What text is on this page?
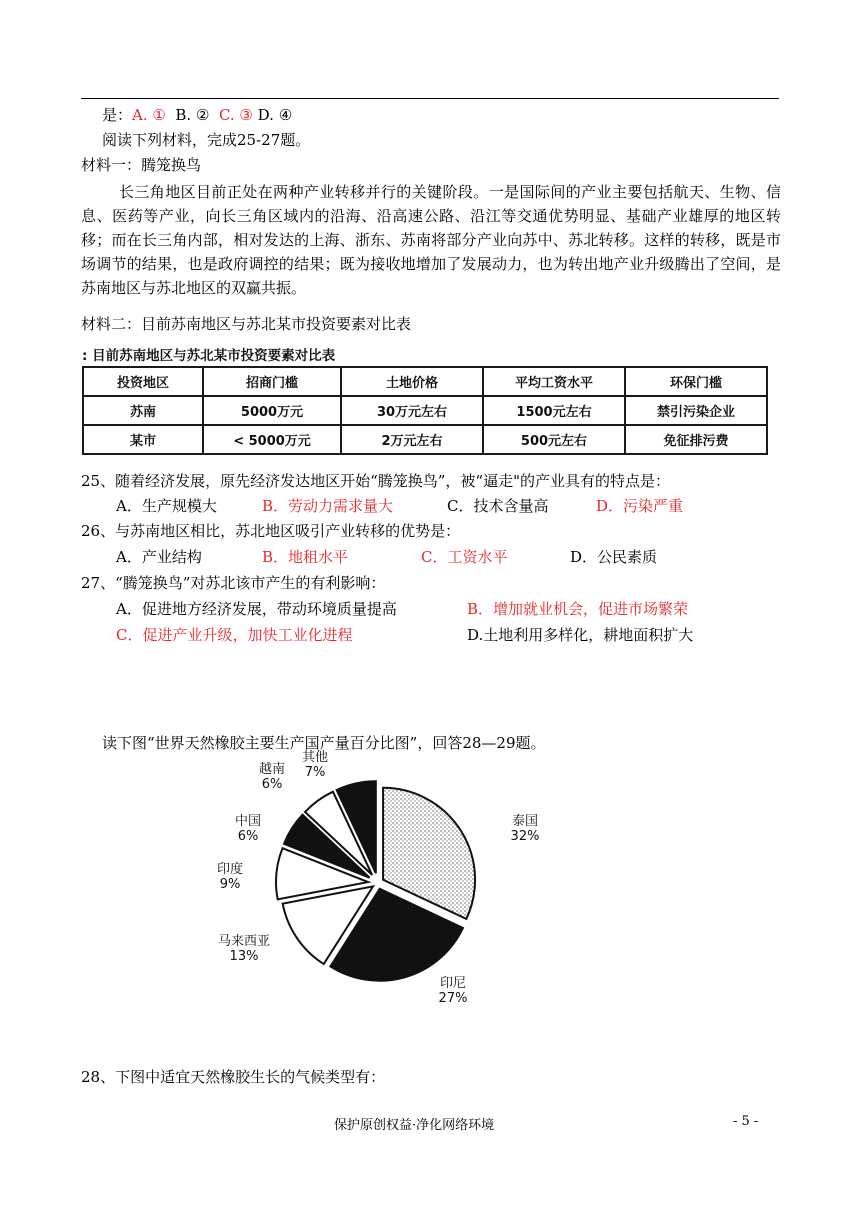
是：A. ① B. ② C. ③ D. ④
阅读下列材料，完成25-27题。
材料一：腾笼换鸟
长三角地区目前正处在两种产业转移并行的关键阶段。一是国际间的产业主要包括航天、生物、信息、医药等产业，向长三角区域内的沿海、沿高速公路、沿江等交通优势明显、基础产业雄厚的地区转移；而在长三角内部，相对发达的上海、浙东、苏南将部分产业向苏中、苏北转移。这样的转移，既是市场调节的结果，也是政府调控的结果；既为接收地增加了发展动力，也为转出地产业升级腾出了空间，是苏南地区与苏北地区的双赢共振。
材料二：目前苏南地区与苏北某市投资要素对比表
: 目前苏南地区与苏北某市投资要素对比表
投资地区	招商门槛	土地价格	平均工资水平	环保门槛
苏南	5000万元	30万元左右	1500元左右	禁引污染企业
某市	< 5000万元	2万元左右	500元左右	免征排污费
25、随着经济发展，原先经济发达地区开始“腾笼换鸟”，被“逼走"的产业具有的特点是：
A．生产规模大	B．劳动力需求量大	C．技术含量高	D．污染严重
26、与苏南地区相比，苏北地区吸引产业转移的优势是：
A．产业结构	B．地租水平	C．工资水平	D．公民素质
27、“腾笼换鸟”对苏北该市产生的有利影响：
A．促进地方经济发展，带动环境质量提高	B．增加就业机会，促进市场繁荣
C．促进产业升级，加快工业化进程	D.土地利用多样化，耕地面积扩大
读下图“世界天然橡胶主要生产国产量百分比图”，回答28—29题。
其他
7%
越南
6%
中国
6%
印度
9%
马来西亚
13%
泰国
32%
印尼
27%
28、下图中适宜天然橡胶生长的气候类型有：
保护原创权益·净化网络环境	- 5 -
